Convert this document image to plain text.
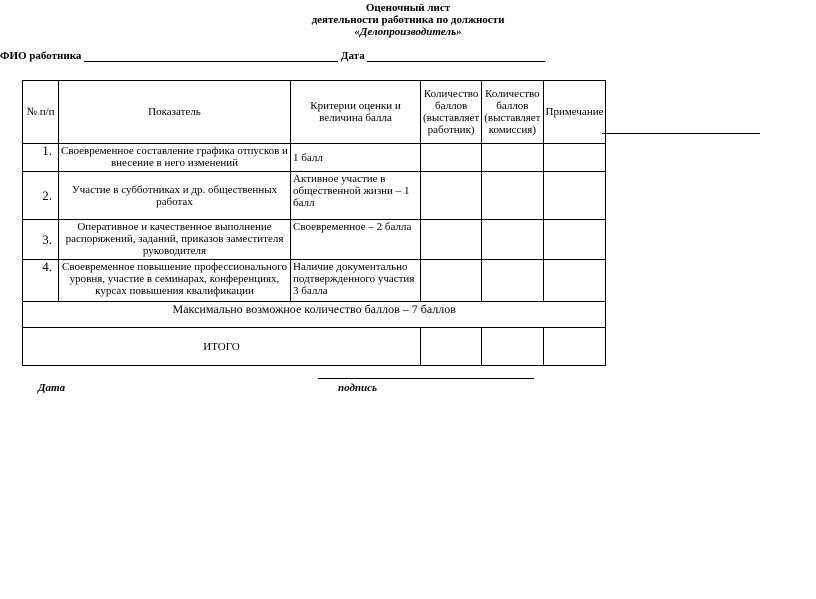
Оценочный лист
деятельности работника по должности
«Делопроизводитель»
ФИО работника	Дата
№ п/п	Показатель	Критерии оценки и величина балла	Количество баллов (выставляет работник)	Количество баллов (выставляет комиссия)	Примечание
1.	Своевременное составление графика отпусков и внесение в него изменений	1 балл			
2.	Участие в субботниках и др. общественных работах	Активное участие в общественной жизни – 1 балл			
3.	Оперативное и качественное выполнение распоряжений, заданий, приказов заместителя руководителя	Своевременное – 2 балла			
4.	Своевременное повышение профессионального уровня, участие в семинарах, конференциях, курсах повышения квалификации	Наличие документально подтвержденного участия 3 балла			
Максимально возможное количество баллов – 7 баллов					
ИТОГО					
Дата	подпись
